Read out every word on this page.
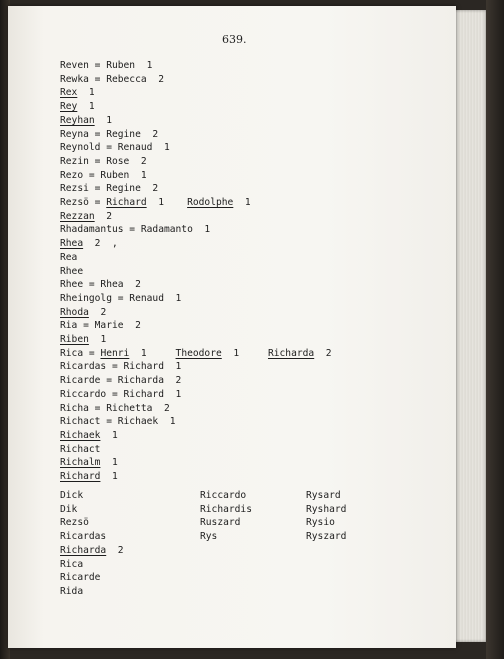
639.
Reven = Ruben  1
Rewka = Rebecca  2
Rex  1
Rey  1
Reyhan  1
Reyna = Regine  2
Reynold = Renaud  1
Rezin = Rose  2
Rezo = Ruben  1
Rezsi = Regine  2
Rezsö = Richard  1    Rodolphe  1
Rezzan  2
Rhadamantus = Radamanto  1
Rhea  2  ,
Rea
Rhee
Rhee = Rhea  2
Rheingolg = Renaud  1
Rhoda  2
Ria = Marie  2
Riben  1
Rica = Henri  1     Theodore  1     Richarda  2
Ricardas = Richard  1
Ricarde = Richarda  2
Riccardo = Richard  1
Richa = Richetta  2
Richact = Richaek  1
Richaek  1
Richact
Richalm  1
Richard  1
Dick
Dik
Rezsö
Ricardas
Riccardo
Richardis
Ruszard
Rys
Rysard
Ryshard
Rysio
Ryszard
Richarda  2
Rica
Ricarde
Rida
